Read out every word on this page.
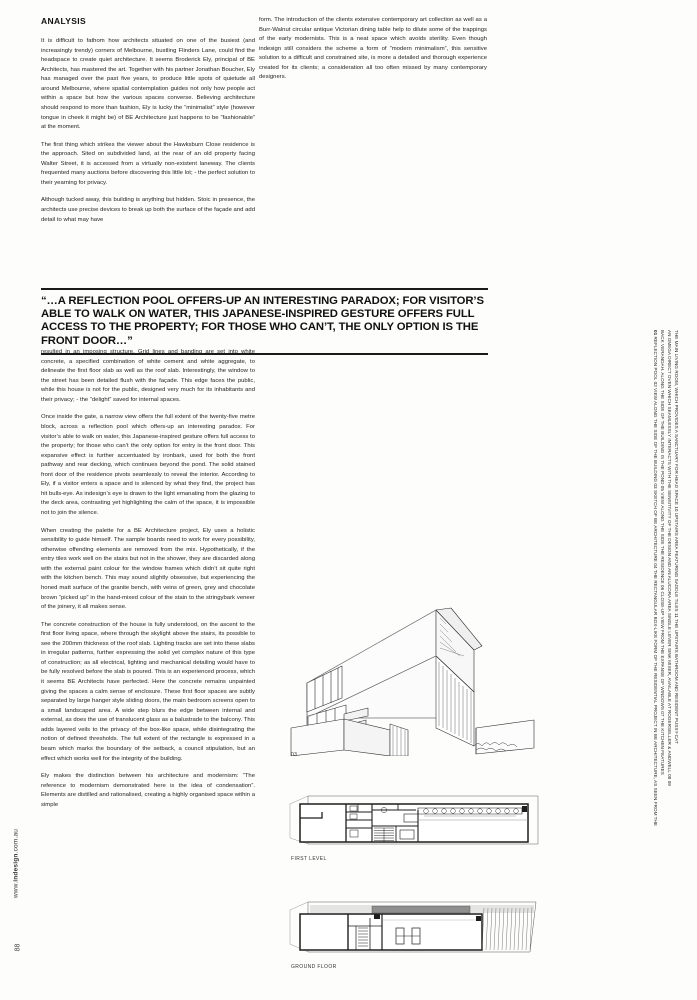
www.indesign.com.au
88
ANALYSIS

It is difficult to fathom how architects situated on one of the busiest (and increasingly trendy) corners of Melbourne, bustling Flinders Lane, could find the headspace to create quiet architecture. It seems Broderick Ely, principal of BE Architects, has mastered the art. Together with his partner Jonathan Boucher, Ely has managed over the past five years, to produce little spots of quietude all around Melbourne, where spatial contemplation guides not only how people act within a space but how the various spaces converse. Believing architecture should respond to more than fashion, Ely is lucky the “minimalist” style (however tongue in cheek it might be) of BE Architecture just happens to be “fashionable” at the moment.

The first thing which strikes the viewer about the Hawksburn Close residence is the approach. Sited on subdivided land, at the rear of an old property facing Walter Street, it is accessed from a virtually non-existent laneway. The clients frequented many auctions before discovering this little lot; - the perfect solution to their yearning for privacy.

Although tucked away, this building is anything but hidden. Stoic in presence, the architects use precise devices to break up both the surface of the façade and add detail to what may have

form. The introduction of the clients extensive contemporary art collection as well as a Burr-Walnut circular antique Victorian dining table help to dilute some of the trappings of the early modernists. This is a neat space which avoids sterility. Even though indesign still considers the scheme a form of “modern minimalism”, this sensitive solution to a difficult and constrained site, is more a detailed and thorough experience created for its clients; a consideration all too often missed by many contemporary designers.

“…A REFLECTION POOL OFFERS-UP AN INTERESTING PARADOX; FOR VISITOR’S ABLE TO WALK ON WATER, THIS JAPANESE-INSPIRED GESTURE OFFERS FULL ACCESS TO THE PROPERTY; FOR THOSE WHO CAN’T, THE ONLY OPTION IS THE FRONT DOOR…”

resulted in an imposing structure. Grid lines and banding are set into white concrete, a specified combination of white cement and white aggregate, to delineate the first floor slab as well as the roof slab. Interestingly, the window to the street has been detailed flush with the façade. This edge faces the public, while this house is not for the public, designed very much for its inhabitants and their privacy; - the “delight” saved for internal spaces.

Once inside the gate, a narrow view offers the full extent of the twenty-five metre block, across a reflection pool which offers-up an interesting paradox. For visitor’s able to walk on water, this Japanese-inspired gesture offers full access to the property; for those who can’t the only option for entry is the front door. This expansive effect is further accentuated by ironbark, used for both the front pathway and rear decking, which continues beyond the pond. The solid stained front door of the residence pivots seamlessly to reveal the interior. According to Ely, if a visitor enters a space and is silenced by what they find, the project has hit bulls-eye. As indesign’s eye is drawn to the light emanating from the glazing to the deck area, contrasting yet highlighting the calm of the space, it is impossible not to join the silence.

When creating the palette for a BE Architecture project, Ely uses a holistic sensibility to guide himself. The sample boards need to work for every possibility, otherwise offending elements are removed from the mix. Hypothetically, if the entry tiles work well on the stairs but not in the shower, they are discarded along with the external paint colour for the window frames which didn’t sit quite right with the kitchen bench. This may sound slightly obsessive, but experiencing the honed matt surface of the granite bench, with veins of green, grey and chocolate brown “picked up” in the hand-mixed colour of the stain to the stringybark veneer of the joinery, it all makes sense.

The concrete construction of the house is fully understood, on the ascent to the first floor living space, where through the skylight above the stairs, its possible to see the 200mm thickness of the roof slab. Lighting tracks are set into these slabs in irregular patterns, further expressing the solid yet complex nature of this type of construction; as all electrical, lighting and mechanical detailing would have to be fully resolved before the slab is poured. This is an experienced process, which it seems BE Architects have perfected. Here the concrete remains unpainted giving the spaces a calm sense of enclosure. These first floor spaces are subtly separated by large hanger style sliding doors, the main bedroom screens open to a small landscaped area. A wide step blurs the edge between internal and external, as does the use of translucent glass as a balustrade to the balcony. This adds layered veils to the privacy of the box-like space, while disintegrating the notion of defined thresholds. The full extent of the rectangle is expressed in a beam which marks the boundary of the setback, a council stipulation, but an effect which works well for the integrity of the building.

Ely makes the distinction between his architecture and modernism: “The reference to modernism demonstrated here is the idea of condensation”. Elements are distilled and rationalised, creating a highly organised space within a simple

01 REFLECTION POOL 02 VIEW ALONG THE SIDE OF THE BUILDING 03 SKETCH OF BE ARCHITECTURE 04 THE RECTANGULAR BOX-LIKE FORM OF THE RESIDENTIAL PROJECT IN BE ARCHITECTURE, AS SEEN FROM THE BACK VERANDAH. ALONG THE SIDE OF THE BUILDING IS THE POND 05 VIEW ALONG THE SIDE THE RESIDENCE 06 CLOSE-UP VIEW FROM THE EXPANSE OF WINDOWS 07 THE KITCHEN FEATURES AN OMEGA DIRECT OVEN WHICH SEAMLESSLY INTERACTS WITH THE SENSITIVITY OF THE DESIGN AND AN ALUCORA AREA SINGLE LEVER SINK MIXER, AVAILABLE AT ROGERSELLER & ANDWELL 08 09 THE MAIN LIVING ROOM, WHICH PROVIDES A SANCTUARY FOR HEAD SPACE 10 UPSTAIRS AREA FEATURING SADDLE TILES 11 THE UPSTAIRS BATHROOM AND RESIDENT PUSSY-CAT
03
FIRST LEVEL
GROUND FLOOR
